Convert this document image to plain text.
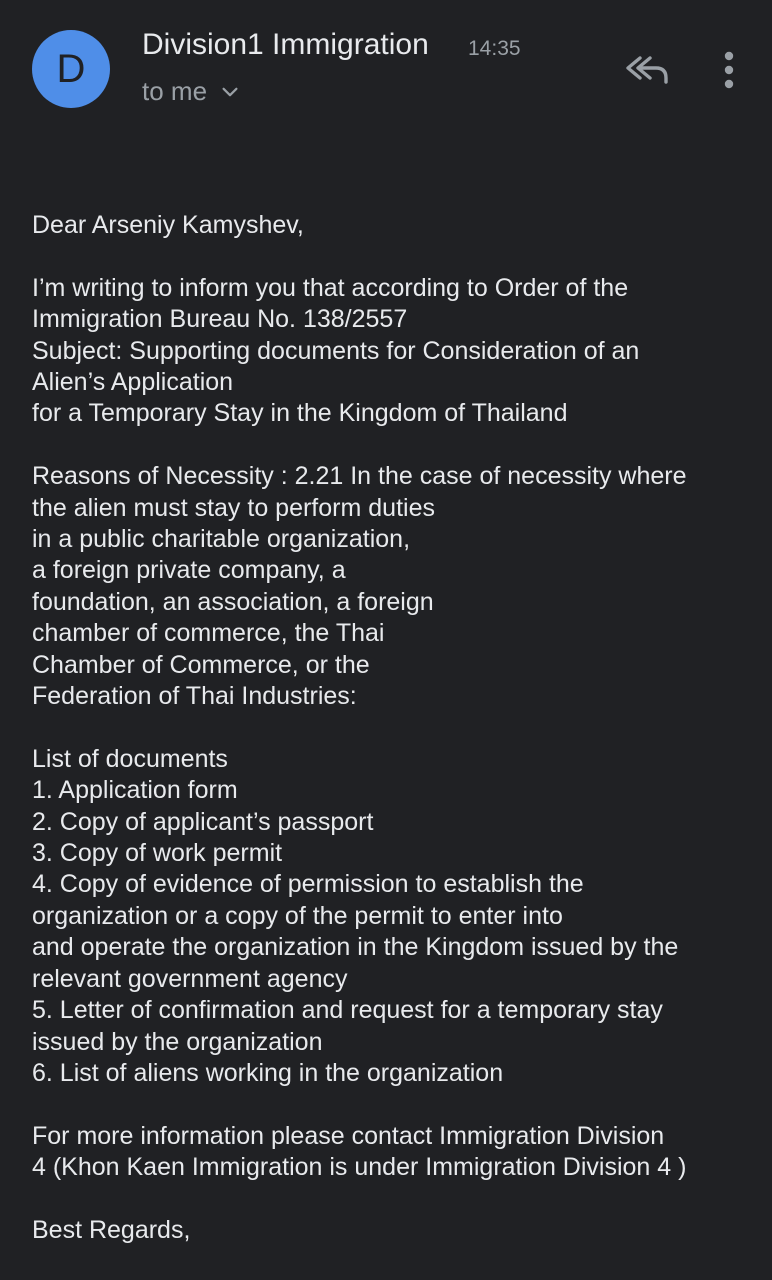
D
Division1 Immigration 14:35
to me

Dear Arseniy Kamyshev,

I’m writing to inform you that according to Order of the
Immigration Bureau No. 138/2557
Subject: Supporting documents for Consideration of an
Alien’s Application
for a Temporary Stay in the Kingdom of Thailand

Reasons of Necessity : 2.21 In the case of necessity where
the alien must stay to perform duties
in a public charitable organization,
a foreign private company, a
foundation, an association, a foreign
chamber of commerce, the Thai
Chamber of Commerce, or the
Federation of Thai Industries:

List of documents
1. Application form
2. Copy of applicant’s passport
3. Copy of work permit
4. Copy of evidence of permission to establish the
organization or a copy of the permit to enter into
and operate the organization in the Kingdom issued by the
relevant government agency
5. Letter of confirmation and request for a temporary stay
issued by the organization
6. List of aliens working in the organization

For more information please contact Immigration Division
4 (Khon Kaen Immigration is under Immigration Division 4 )

Best Regards,
